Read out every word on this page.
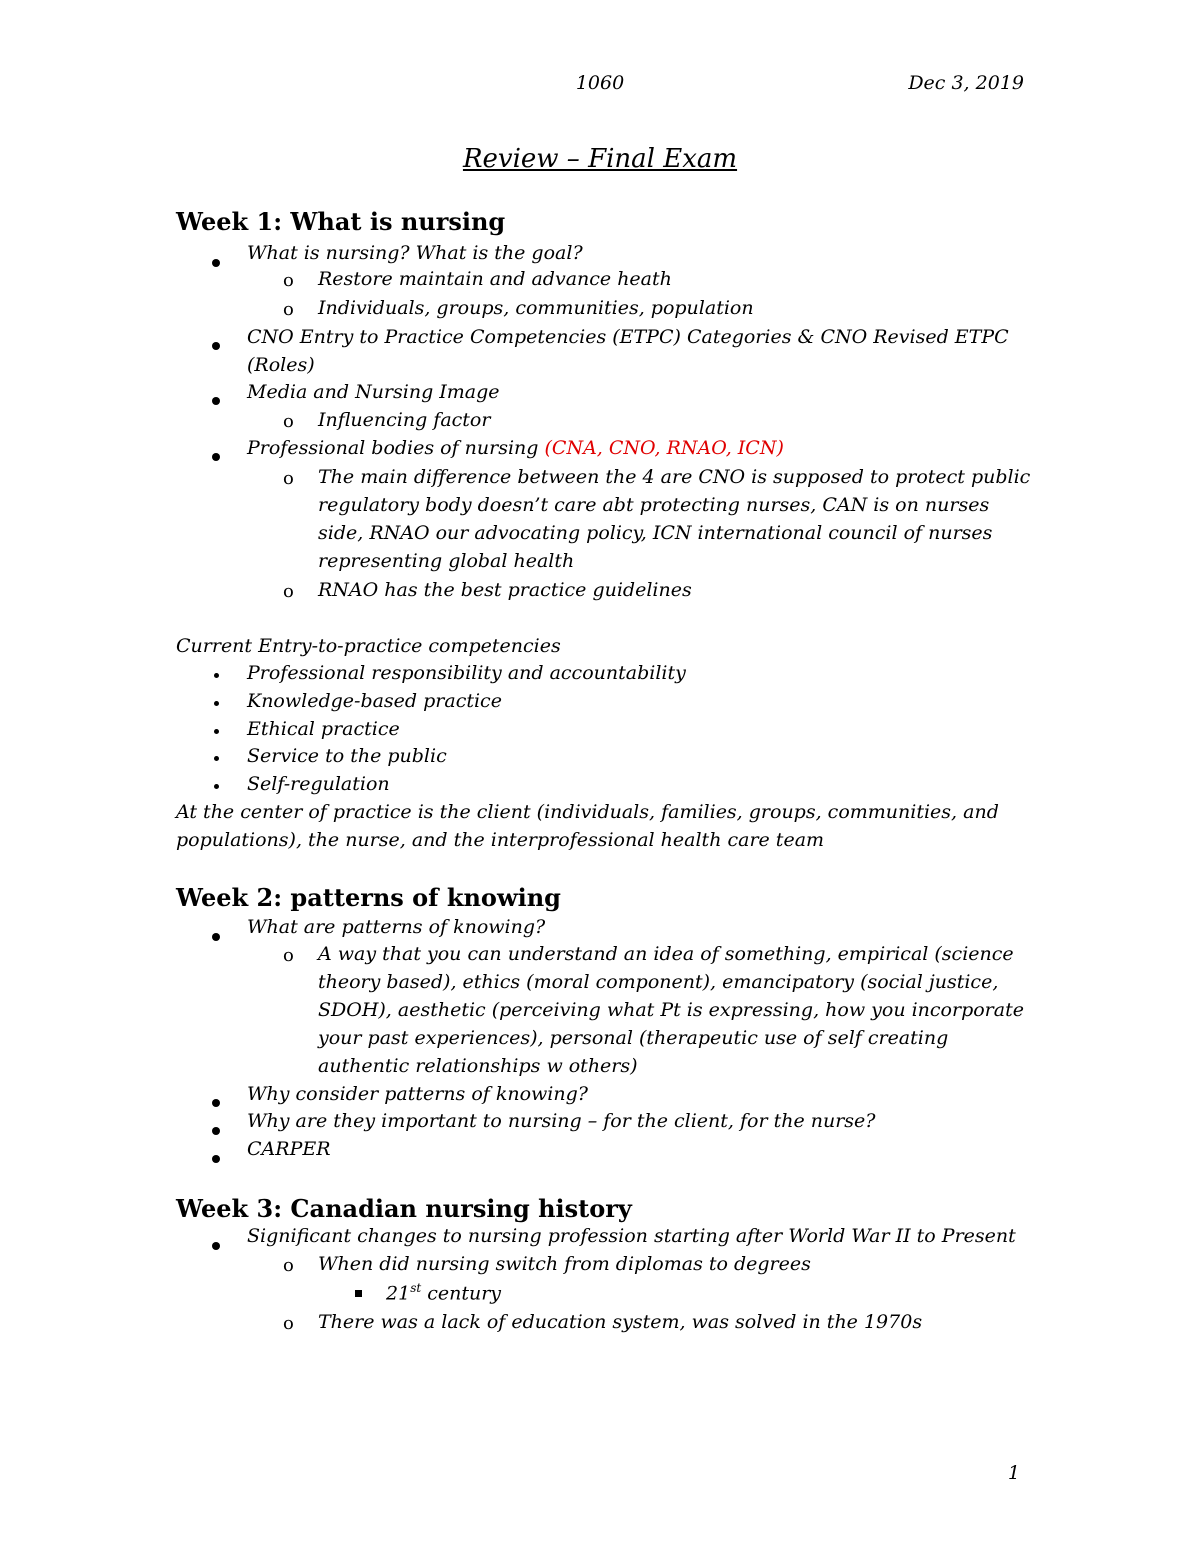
1060	Dec 3, 2019
Review – Final Exam
Week 1: What is nursing
What is nursing? What is the goal?
o Restore maintain and advance heath
o Individuals, groups, communities, population
CNO Entry to Practice Competencies (ETPC) Categories & CNO Revised ETPC
(Roles)
Media and Nursing Image
o Influencing factor
Professional bodies of nursing (CNA, CNO, RNAO, ICN)
o The main difference between the 4 are CNO is supposed to protect public
regulatory body doesn’t care abt protecting nurses, CAN is on nurses
side, RNAO our advocating policy, ICN international council of nurses
representing global health
o RNAO has the best practice guidelines
Current Entry-to-practice competencies
Professional responsibility and accountability
Knowledge-based practice
Ethical practice
Service to the public
Self-regulation
At the center of practice is the client (individuals, families, groups, communities, and
populations), the nurse, and the interprofessional health care team
Week 2: patterns of knowing
What are patterns of knowing?
o A way that you can understand an idea of something, empirical (science
theory based), ethics (moral component), emancipatory (social justice,
SDOH), aesthetic (perceiving what Pt is expressing, how you incorporate
your past experiences), personal (therapeutic use of self creating
authentic relationships w others)
Why consider patterns of knowing?
Why are they important to nursing – for the client, for the nurse?
CARPER
Week 3: Canadian nursing history
Significant changes to nursing profession starting after World War II to Present
o When did nursing switch from diplomas to degrees
21st century
o There was a lack of education system, was solved in the 1970s
1
